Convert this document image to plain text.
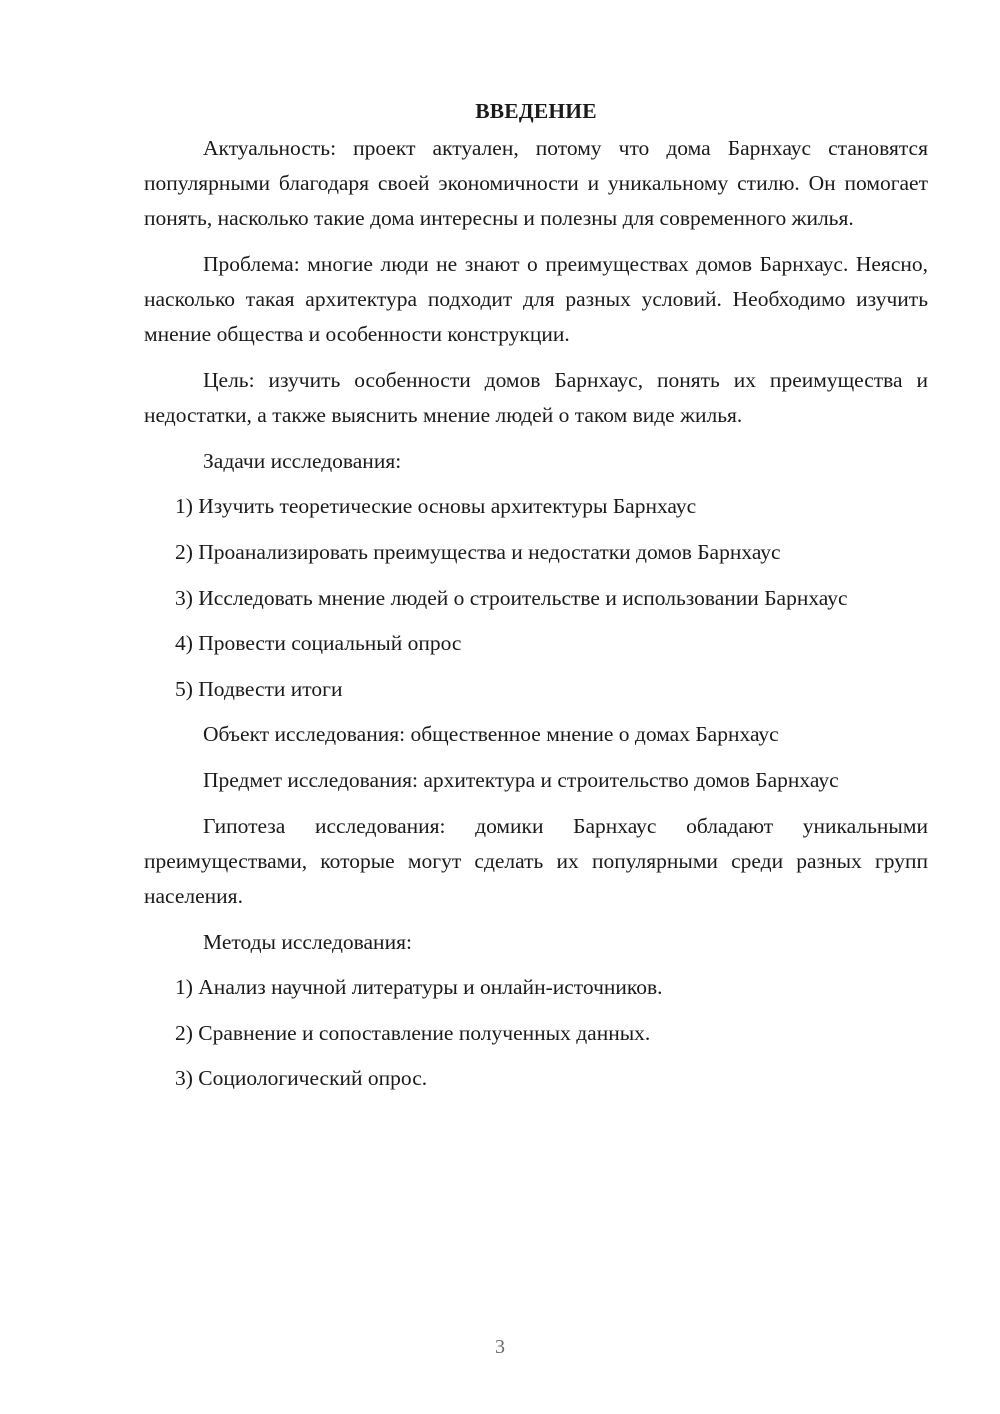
ВВЕДЕНИЕ

Актуальность: проект актуален, потому что дома Барнхаус становятся популярными благодаря своей экономичности и уникальному стилю. Он помогает понять, насколько такие дома интересны и полезны для современного жилья.

Проблема: многие люди не знают о преимуществах домов Барнхаус. Неясно, насколько такая архитектура подходит для разных условий. Необходимо изучить мнение общества и особенности конструкции.

Цель: изучить особенности домов Барнхаус, понять их преимущества и недостатки, а также выяснить мнение людей о таком виде жилья.

Задачи исследования:

1) Изучить теоретические основы архитектуры Барнхаус

2) Проанализировать преимущества и недостатки домов Барнхаус

3) Исследовать мнение людей о строительстве и использовании Барнхаус

4) Провести социальный опрос

5) Подвести итоги

Объект исследования: общественное мнение о домах Барнхаус

Предмет исследования: архитектура и строительство домов Барнхаус

Гипотеза исследования: домики Барнхаус обладают уникальными преимуществами, которые могут сделать их популярными среди разных групп населения.

Методы исследования:

1) Анализ научной литературы и онлайн-источников.

2) Сравнение и сопоставление полученных данных.

3) Социологический опрос.

3
